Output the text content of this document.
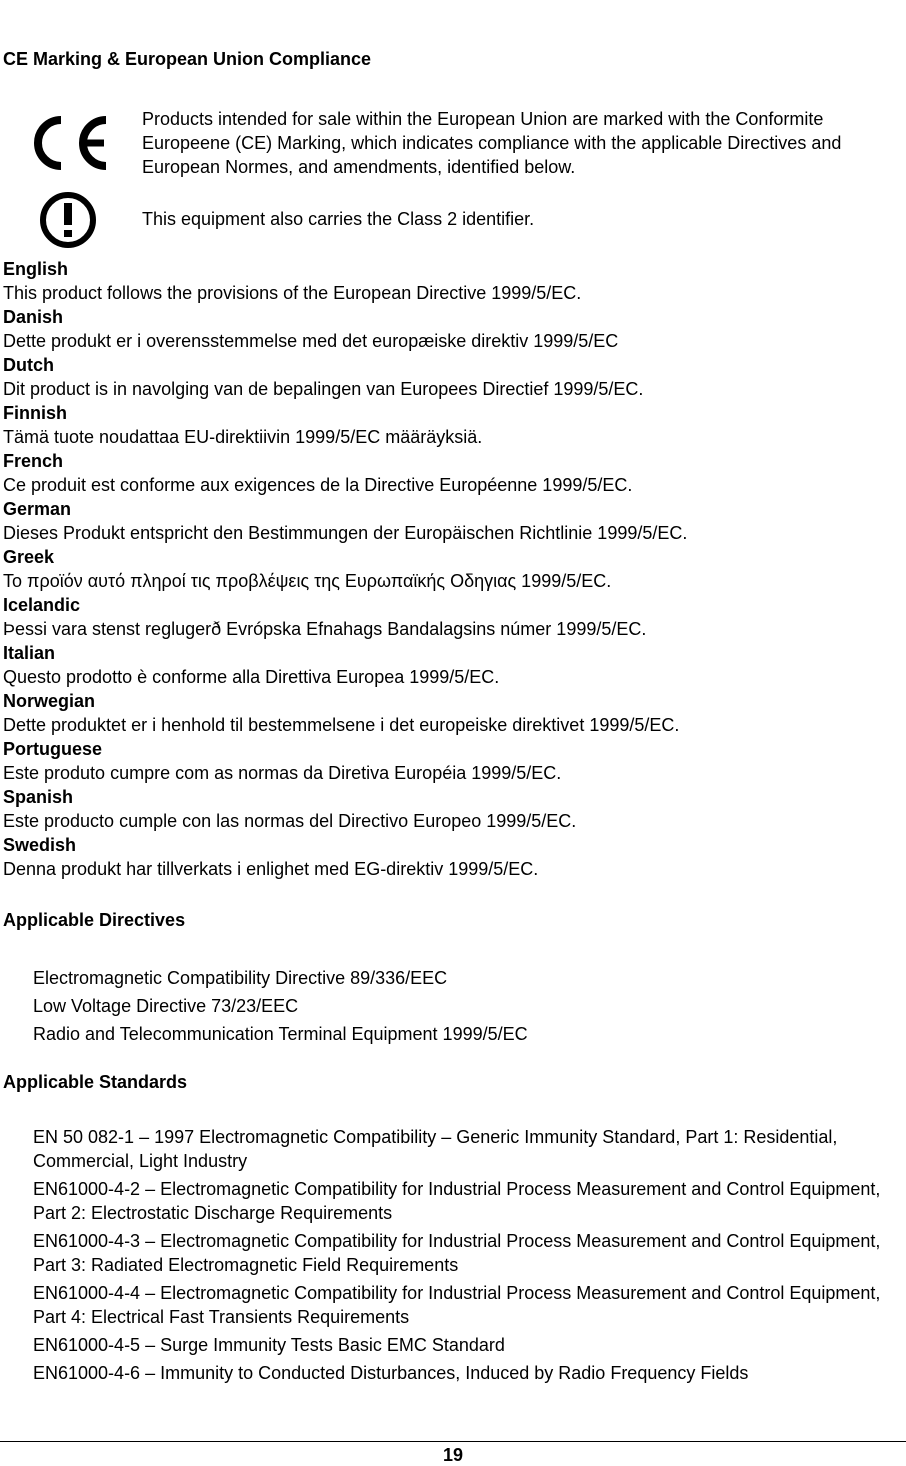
CE Marking & European Union Compliance
Products intended for sale within the European Union are marked with the Conformite Europeene (CE) Marking, which indicates compliance with the applicable Directives and European Normes, and amendments, identified below.
This equipment also carries the Class 2 identifier.
English
This product follows the provisions of the European Directive 1999/5/EC.
Danish
Dette produkt er i overensstemmelse med det europæiske direktiv 1999/5/EC
Dutch
Dit product is in navolging van de bepalingen van Europees Directief 1999/5/EC.
Finnish
Tämä tuote noudattaa EU-direktiivin 1999/5/EC määräyksiä.
French
Ce produit est conforme aux exigences de la Directive Européenne 1999/5/EC.
German
Dieses Produkt entspricht den Bestimmungen der Europäischen Richtlinie 1999/5/EC.
Greek
Το προϊόν αυτό πληροί τις προβλέψεις της Ευρωπαϊκής Οδηγιας 1999/5/EC.
Icelandic
Þessi vara stenst reglugerð Evrópska Efnahags Bandalagsins númer 1999/5/EC.
Italian
Questo prodotto è conforme alla Direttiva Europea 1999/5/EC.
Norwegian
Dette produktet er i henhold til bestemmelsene i det europeiske direktivet 1999/5/EC.
Portuguese
Este produto cumpre com as normas da Diretiva Européia 1999/5/EC.
Spanish
Este producto cumple con las normas del Directivo Europeo 1999/5/EC.
Swedish
Denna produkt har tillverkats i enlighet med EG-direktiv 1999/5/EC.
Applicable Directives
Electromagnetic Compatibility Directive 89/336/EEC
Low Voltage Directive 73/23/EEC
Radio and Telecommunication Terminal Equipment 1999/5/EC
Applicable Standards
EN 50 082-1 – 1997 Electromagnetic Compatibility – Generic Immunity Standard, Part 1: Residential, Commercial, Light Industry
EN61000-4-2 – Electromagnetic Compatibility for Industrial Process Measurement and Control Equipment, Part 2: Electrostatic Discharge Requirements
EN61000-4-3 – Electromagnetic Compatibility for Industrial Process Measurement and Control Equipment, Part 3: Radiated Electromagnetic Field Requirements
EN61000-4-4 – Electromagnetic Compatibility for Industrial Process Measurement and Control Equipment, Part 4: Electrical Fast Transients Requirements
EN61000-4-5 – Surge Immunity Tests Basic EMC Standard
EN61000-4-6 – Immunity to Conducted Disturbances, Induced by Radio Frequency Fields
19
